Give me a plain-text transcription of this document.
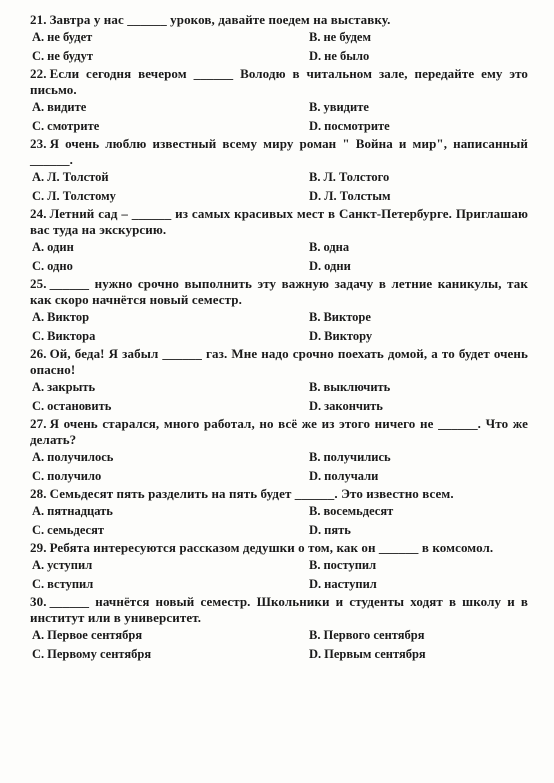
21. Завтра у нас ______ уроков, давайте поедем на выставку.
A. не будет	B. не будем
C. не будут	D. не было
22. Если сегодня вечером ______ Володю в читальном зале, передайте ему это письмо.
A. видите	B. увидите
C. смотрите	D. посмотрите
23. Я очень люблю известный всему миру роман " Война и мир", написанный ______.
A. Л. Толстой	B. Л. Толстого
C. Л. Толстому	D. Л. Толстым
24. Летний сад – ______ из самых красивых мест в Санкт-Петербурге. Приглашаю вас туда на экскурсию.
A. один	B. одна
C. одно	D. одни
25. ______ нужно срочно выполнить эту важную задачу в летние каникулы, так как скоро начнётся новый семестр.
A. Виктор	B. Викторе
C. Виктора	D. Виктору
26. Ой, беда! Я забыл ______ газ. Мне надо срочно поехать домой, а то будет очень опасно!
A. закрыть	B. выключить
C. остановить	D. закончить
27. Я очень старался, много работал, но всё же из этого ничего не ______. Что же делать?
A. получилось	B. получились
C. получило	D. получали
28. Семьдесят пять разделить на пять будет ______. Это известно всем.
A. пятнадцать	B. восемьдесят
C. семьдесят	D. пять
29. Ребята интересуются рассказом дедушки о том, как он ______ в комсомол.
A. уступил	B. поступил
C. вступил	D. наступил
30. ______ начнётся новый семестр. Школьники и студенты ходят в школу и в институт или в университет.
A. Первое сентября	B. Первого сентября
C. Первому сентября	D. Первым сентября
